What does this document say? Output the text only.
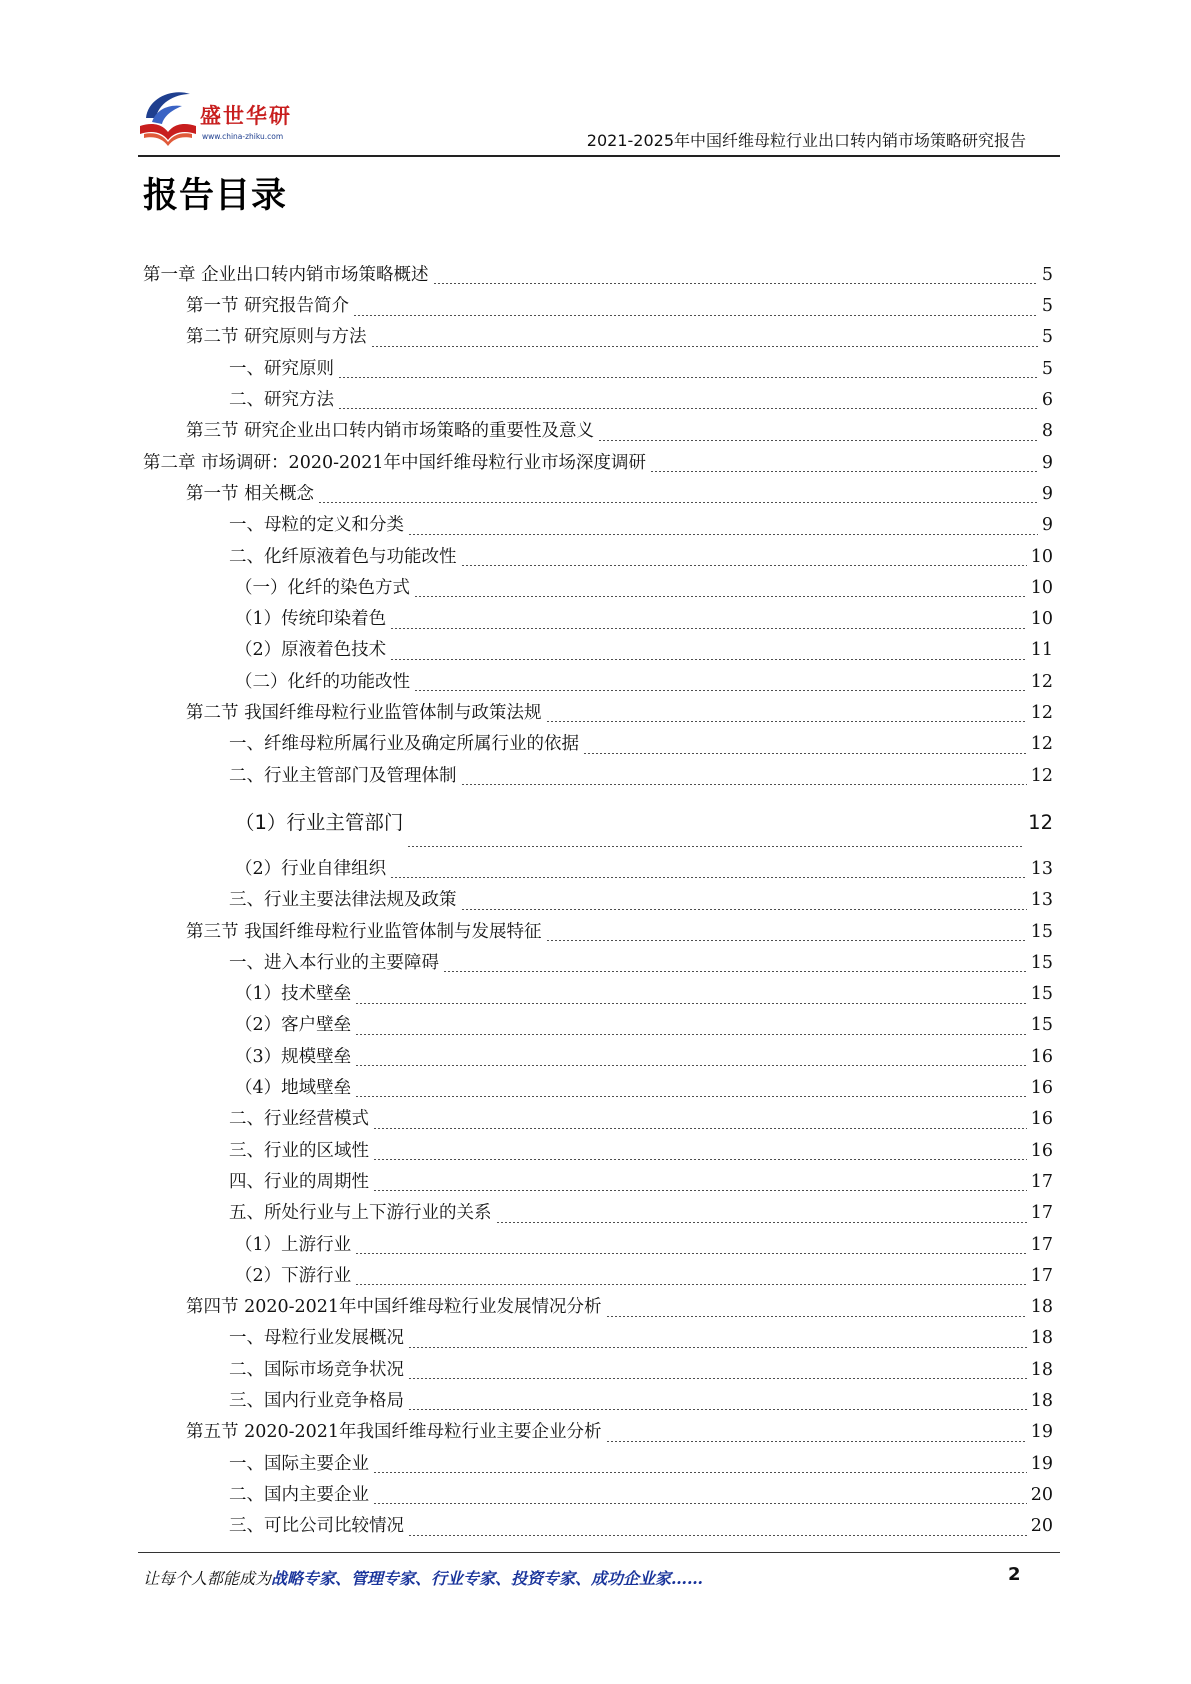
盛世华研
www.china-zhiku.com	2021-2025年中国纤维母粒行业出口转内销市场策略研究报告
报告目录
第一章 企业出口转内销市场策略概述	5
第一节 研究报告简介	5
第二节 研究原则与方法	5
一、研究原则	5
二、研究方法	6
第三节 研究企业出口转内销市场策略的重要性及意义	8
第二章 市场调研：2020-2021年中国纤维母粒行业市场深度调研	9
第一节 相关概念	9
一、母粒的定义和分类	9
二、化纤原液着色与功能改性	10
（一）化纤的染色方式	10
（1）传统印染着色	10
（2）原液着色技术	11
（二）化纤的功能改性	12
第二节 我国纤维母粒行业监管体制与政策法规	12
一、纤维母粒所属行业及确定所属行业的依据	12
二、行业主管部门及管理体制	12
（1）行业主管部门	12
（2）行业自律组织	13
三、行业主要法律法规及政策	13
第三节 我国纤维母粒行业监管体制与发展特征	15
一、进入本行业的主要障碍	15
（1）技术壁垒	15
（2）客户壁垒	15
（3）规模壁垒	16
（4）地域壁垒	16
二、行业经营模式	16
三、行业的区域性	16
四、行业的周期性	17
五、所处行业与上下游行业的关系	17
（1）上游行业	17
（2）下游行业	17
第四节 2020-2021年中国纤维母粒行业发展情况分析	18
一、母粒行业发展概况	18
二、国际市场竞争状况	18
三、国内行业竞争格局	18
第五节 2020-2021年我国纤维母粒行业主要企业分析	19
一、国际主要企业	19
二、国内主要企业	20
三、可比公司比较情况	20
让每个人都能成为战略专家、管理专家、行业专家、投资专家、成功企业家……	2
